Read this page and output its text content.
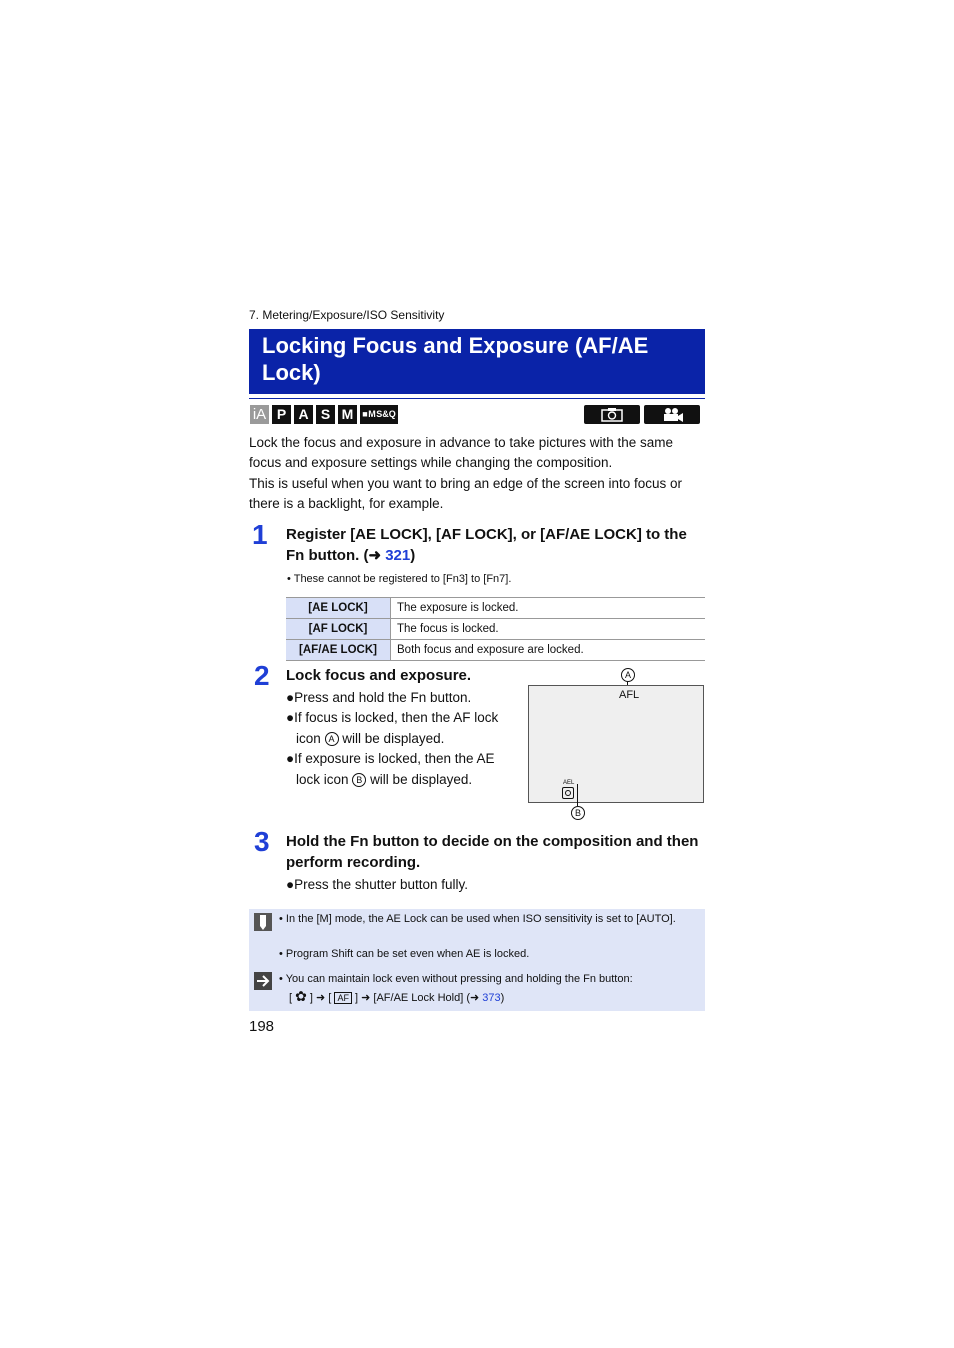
7. Metering/Exposure/ISO Sensitivity
Locking Focus and Exposure (AF/AE Lock)
iA P A S M ■ M S&Q
Lock the focus and exposure in advance to take pictures with the same focus and exposure settings while changing the composition.
This is useful when you want to bring an edge of the screen into focus or there is a backlight, for example.
1 Register [AE LOCK], [AF LOCK], or [AF/AE LOCK] to the Fn button. (➜ 321)
• These cannot be registered to [Fn3] to [Fn7].
[AE LOCK]	The exposure is locked.
[AF LOCK]	The focus is locked.
[AF/AE LOCK]	Both focus and exposure are locked.
2 Lock focus and exposure.
●Press and hold the Fn button.
●If focus is locked, then the AF lock icon A will be displayed.
●If exposure is locked, then the AE lock icon B will be displayed.
A
AFL
AEL
B
3 Hold the Fn button to decide on the composition and then perform recording.
●Press the shutter button fully.
• In the [M] mode, the AE Lock can be used when ISO sensitivity is set to [AUTO].
• Program Shift can be set even when AE is locked.
• You can maintain lock even without pressing and holding the Fn button:
[ ✿ ] ➜ [ AF ] ➜ [AF/AE Lock Hold] (➜ 373)
198
